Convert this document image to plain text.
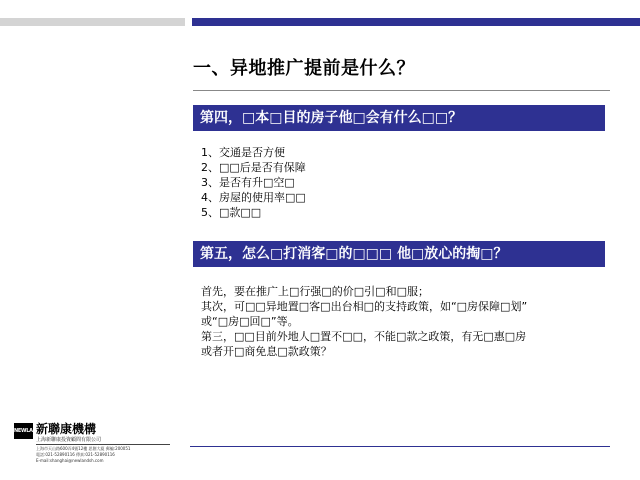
一、异地推广提前是什么？
第四，□本□目的房子他□会有什么□□？
1、交通是否方便
2、□□后是否有保障
3、是否有升□空□
4、房屋的使用率□□
5、□款□□
第五，怎么□打消客□的□□□ 他□放心的掏□？
首先，要在推广上□行强□的价□引□和□服；
其次，可□□异地置□客□出台相□的支持政策，如“□房保障□划”
或“□房□回□”等。
第三，□□目前外地人□置不□□，不能□款之政策，有无□惠□房
或者开□商免息□款政策？
NEWLAND
新聯康機構
上海新聯康投資顧問有限公司
上海市天山路600弄4號12樓 思創大廈 郵編:200051
電話:021-52890116 傳真:021-52890116
E-mail:shanghai@newlandsh.com
